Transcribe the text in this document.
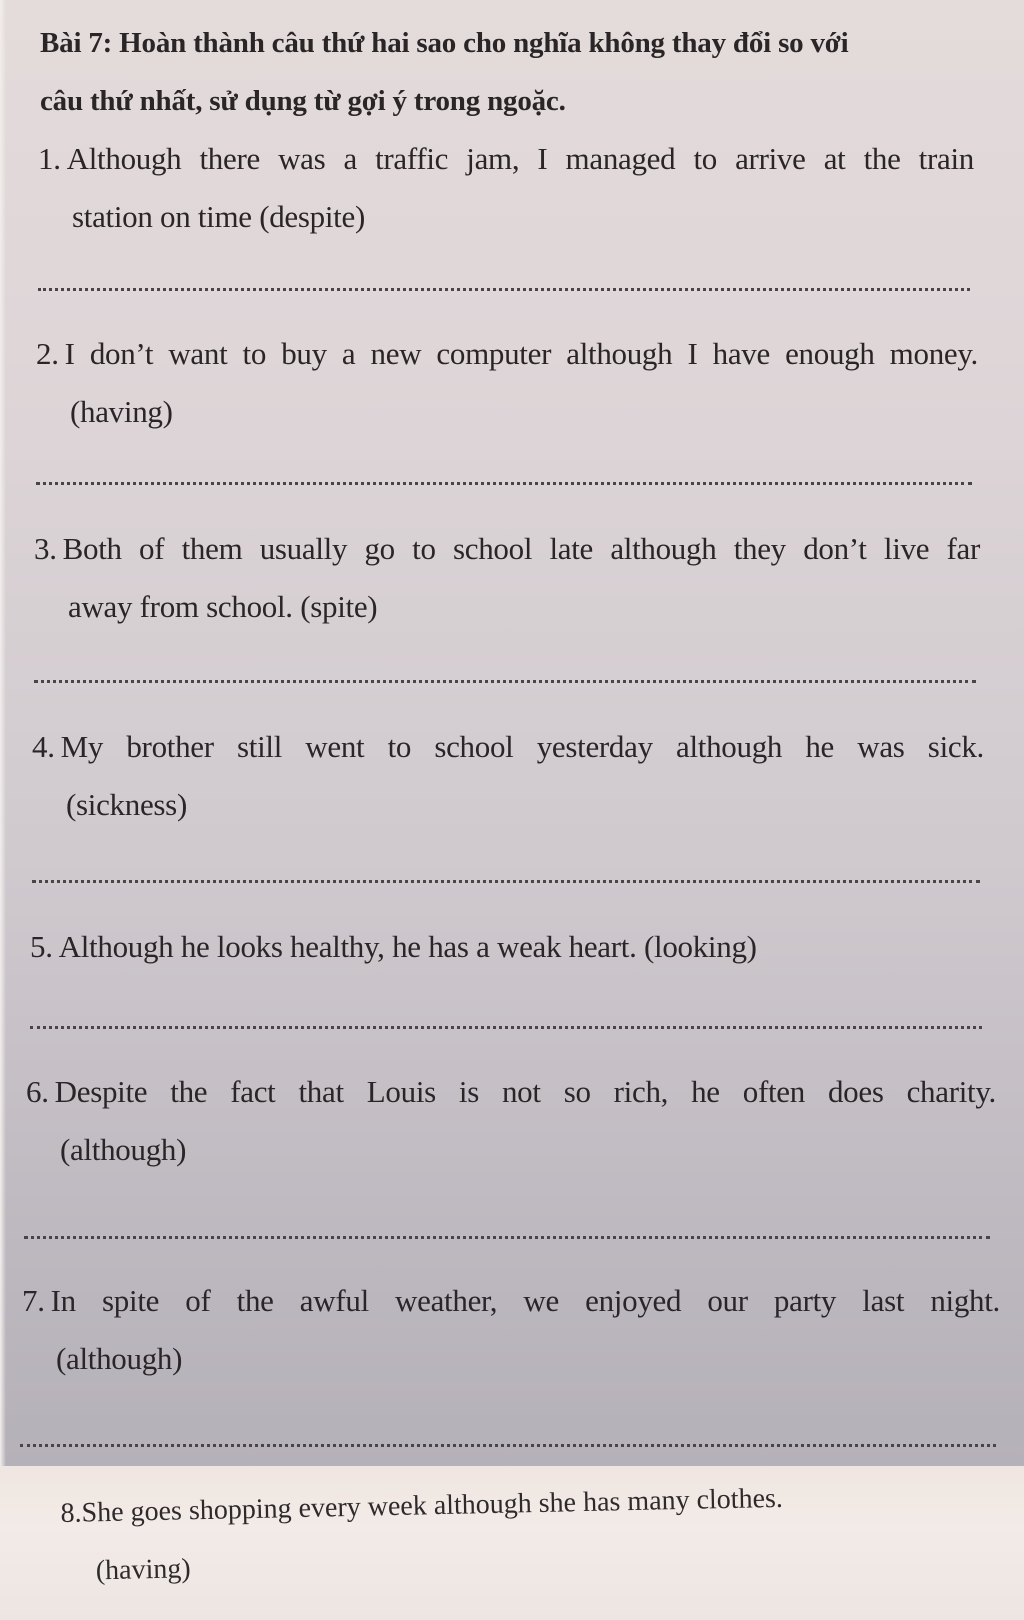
Bài 7: Hoàn thành câu thứ hai sao cho nghĩa không thay đổi so với
câu thứ nhất, sử dụng từ gợi ý trong ngoặc.
1. Although there was a traffic jam, I managed to arrive at the train
station on time (despite)
2. I don’t want to buy a new computer although I have enough money.
(having)
3. Both of them usually go to school late although they don’t live far
away from school. (spite)
4. My brother still went to school yesterday although he was sick.
(sickness)
5. Although he looks healthy, he has a weak heart. (looking)
6. Despite the fact that Louis is not so rich, he often does charity.
(although)
7. In spite of the awful weather, we enjoyed our party last night.
(although)
8.She goes shopping every week although she has many clothes.
(having)
